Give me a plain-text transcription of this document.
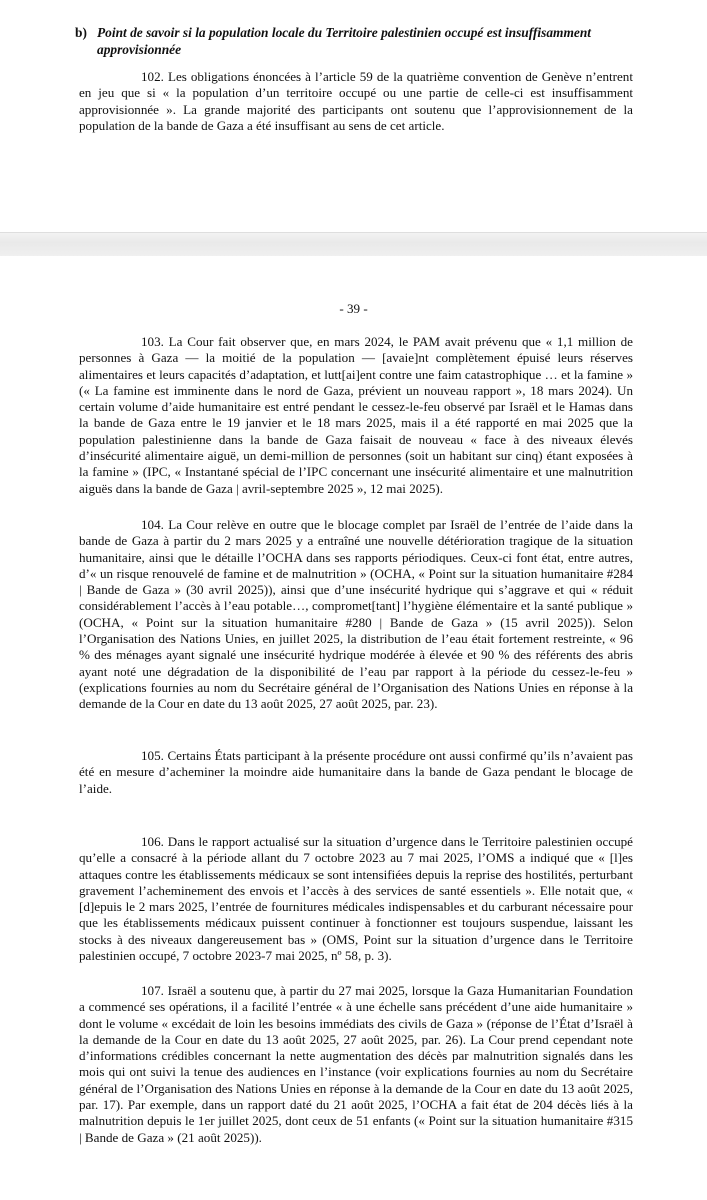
b) Point de savoir si la population locale du Territoire palestinien occupé est insuffisamment approvisionnée

102. Les obligations énoncées à l’article 59 de la quatrième convention de Genève n’entrent en jeu que si « la population d’un territoire occupé ou une partie de celle-ci est insuffisamment approvisionnée ». La grande majorité des participants ont soutenu que l’approvisionnement de la population de la bande de Gaza a été insuffisant au sens de cet article.

- 39 -

103. La Cour fait observer que, en mars 2024, le PAM avait prévenu que « 1,1 million de personnes à Gaza — la moitié de la population — [avaie]nt complètement épuisé leurs réserves alimentaires et leurs capacités d’adaptation, et lutt[ai]ent contre une faim catastrophique … et la famine » (« La famine est imminente dans le nord de Gaza, prévient un nouveau rapport », 18 mars 2024). Un certain volume d’aide humanitaire est entré pendant le cessez-le-feu observé par Israël et le Hamas dans la bande de Gaza entre le 19 janvier et le 18 mars 2025, mais il a été rapporté en mai 2025 que la population palestinienne dans la bande de Gaza faisait de nouveau « face à des niveaux élevés d’insécurité alimentaire aiguë, un demi-million de personnes (soit un habitant sur cinq) étant exposées à la famine » (IPC, « Instantané spécial de l’IPC concernant une insécurité alimentaire et une malnutrition aiguës dans la bande de Gaza | avril-septembre 2025 », 12 mai 2025).

104. La Cour relève en outre que le blocage complet par Israël de l’entrée de l’aide dans la bande de Gaza à partir du 2 mars 2025 y a entraîné une nouvelle détérioration tragique de la situation humanitaire, ainsi que le détaille l’OCHA dans ses rapports périodiques. Ceux-ci font état, entre autres, d’« un risque renouvelé de famine et de malnutrition » (OCHA, « Point sur la situation humanitaire #284 | Bande de Gaza » (30 avril 2025)), ainsi que d’une insécurité hydrique qui s’aggrave et qui « réduit considérablement l’accès à l’eau potable…, compromet[tant] l’hygiène élémentaire et la santé publique » (OCHA, « Point sur la situation humanitaire #280 | Bande de Gaza » (15 avril 2025)). Selon l’Organisation des Nations Unies, en juillet 2025, la distribution de l’eau était fortement restreinte, « 96 % des ménages ayant signalé une insécurité hydrique modérée à élevée et 90 % des référents des abris ayant noté une dégradation de la disponibilité de l’eau par rapport à la période du cessez-le-feu » (explications fournies au nom du Secrétaire général de l’Organisation des Nations Unies en réponse à la demande de la Cour en date du 13 août 2025, 27 août 2025, par. 23).

105. Certains États participant à la présente procédure ont aussi confirmé qu’ils n’avaient pas été en mesure d’acheminer la moindre aide humanitaire dans la bande de Gaza pendant le blocage de l’aide.

106. Dans le rapport actualisé sur la situation d’urgence dans le Territoire palestinien occupé qu’elle a consacré à la période allant du 7 octobre 2023 au 7 mai 2025, l’OMS a indiqué que « [l]es attaques contre les établissements médicaux se sont intensifiées depuis la reprise des hostilités, perturbant gravement l’acheminement des envois et l’accès à des services de santé essentiels ». Elle notait que, « [d]epuis le 2 mars 2025, l’entrée de fournitures médicales indispensables et du carburant nécessaire pour que les établissements médicaux puissent continuer à fonctionner est toujours suspendue, laissant les stocks à des niveaux dangereusement bas » (OMS, Point sur la situation d’urgence dans le Territoire palestinien occupé, 7 octobre 2023-7 mai 2025, nº 58, p. 3).

107. Israël a soutenu que, à partir du 27 mai 2025, lorsque la Gaza Humanitarian Foundation a commencé ses opérations, il a facilité l’entrée « à une échelle sans précédent d’une aide humanitaire » dont le volume « excédait de loin les besoins immédiats des civils de Gaza » (réponse de l’État d’Israël à la demande de la Cour en date du 13 août 2025, 27 août 2025, par. 26). La Cour prend cependant note d’informations crédibles concernant la nette augmentation des décès par malnutrition signalés dans les mois qui ont suivi la tenue des audiences en l’instance (voir explications fournies au nom du Secrétaire général de l’Organisation des Nations Unies en réponse à la demande de la Cour en date du 13 août 2025, par. 17). Par exemple, dans un rapport daté du 21 août 2025, l’OCHA a fait état de 204 décès liés à la malnutrition depuis le 1er juillet 2025, dont ceux de 51 enfants (« Point sur la situation humanitaire #315 | Bande de Gaza » (21 août 2025)).
